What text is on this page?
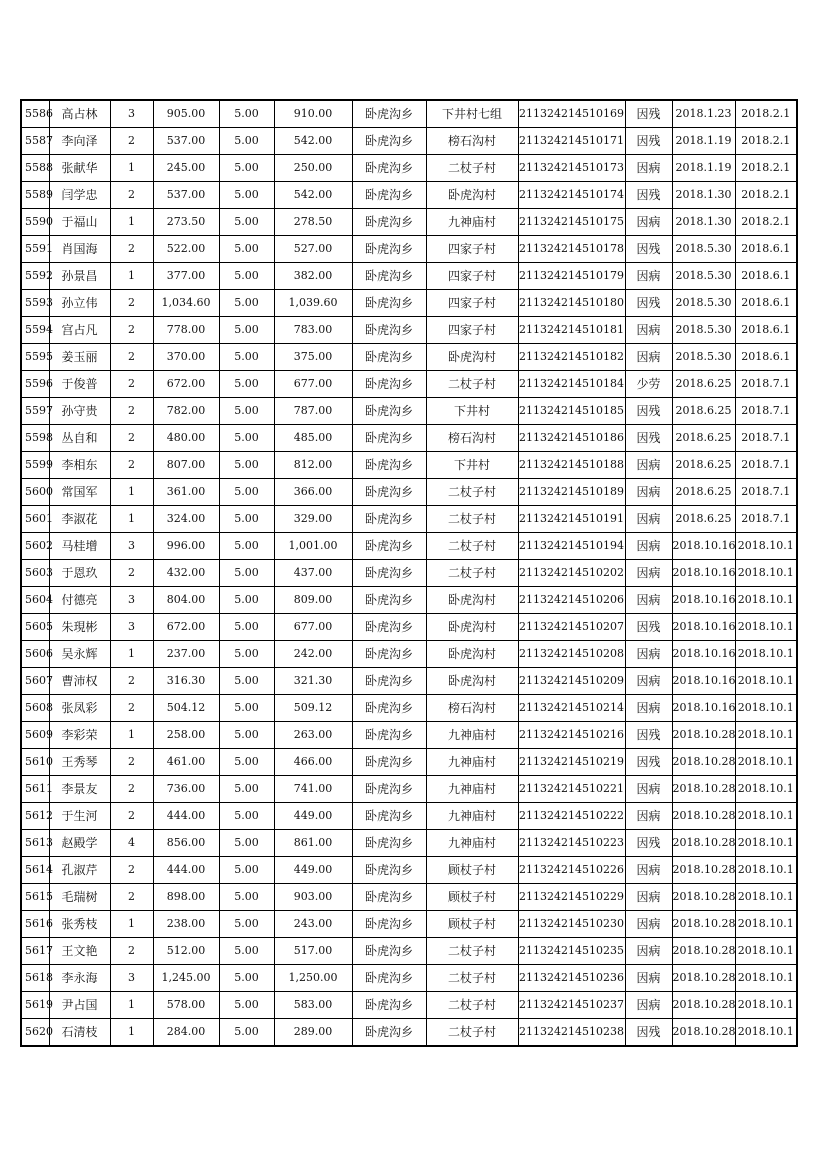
5586	高占林	3	905.00	5.00	910.00	卧虎沟乡	下井村七组	211324214510169	因残	2018.1.23	2018.2.1
5587	李向泽	2	537.00	5.00	542.00	卧虎沟乡	榜石沟村	211324214510171	因残	2018.1.19	2018.2.1
5588	张献华	1	245.00	5.00	250.00	卧虎沟乡	二杖子村	211324214510173	因病	2018.1.19	2018.2.1
5589	闫学忠	2	537.00	5.00	542.00	卧虎沟乡	卧虎沟村	211324214510174	因残	2018.1.30	2018.2.1
5590	于福山	1	273.50	5.00	278.50	卧虎沟乡	九神庙村	211324214510175	因病	2018.1.30	2018.2.1
5591	肖国海	2	522.00	5.00	527.00	卧虎沟乡	四家子村	211324214510178	因残	2018.5.30	2018.6.1
5592	孙景昌	1	377.00	5.00	382.00	卧虎沟乡	四家子村	211324214510179	因病	2018.5.30	2018.6.1
5593	孙立伟	2	1,034.60	5.00	1,039.60	卧虎沟乡	四家子村	211324214510180	因残	2018.5.30	2018.6.1
5594	宫占凡	2	778.00	5.00	783.00	卧虎沟乡	四家子村	211324214510181	因病	2018.5.30	2018.6.1
5595	姜玉丽	2	370.00	5.00	375.00	卧虎沟乡	卧虎沟村	211324214510182	因病	2018.5.30	2018.6.1
5596	于俊普	2	672.00	5.00	677.00	卧虎沟乡	二杖子村	211324214510184	少劳	2018.6.25	2018.7.1
5597	孙守贵	2	782.00	5.00	787.00	卧虎沟乡	下井村	211324214510185	因残	2018.6.25	2018.7.1
5598	丛自和	2	480.00	5.00	485.00	卧虎沟乡	榜石沟村	211324214510186	因残	2018.6.25	2018.7.1
5599	李相东	2	807.00	5.00	812.00	卧虎沟乡	下井村	211324214510188	因病	2018.6.25	2018.7.1
5600	常国军	1	361.00	5.00	366.00	卧虎沟乡	二杖子村	211324214510189	因病	2018.6.25	2018.7.1
5601	李淑花	1	324.00	5.00	329.00	卧虎沟乡	二杖子村	211324214510191	因病	2018.6.25	2018.7.1
5602	马桂增	3	996.00	5.00	1,001.00	卧虎沟乡	二杖子村	211324214510194	因病	2018.10.16	2018.10.1
5603	于恩玖	2	432.00	5.00	437.00	卧虎沟乡	二杖子村	211324214510202	因病	2018.10.16	2018.10.1
5604	付德亮	3	804.00	5.00	809.00	卧虎沟乡	卧虎沟村	211324214510206	因病	2018.10.16	2018.10.1
5605	朱現彬	3	672.00	5.00	677.00	卧虎沟乡	卧虎沟村	211324214510207	因残	2018.10.16	2018.10.1
5606	吴永辉	1	237.00	5.00	242.00	卧虎沟乡	卧虎沟村	211324214510208	因病	2018.10.16	2018.10.1
5607	曹沛权	2	316.30	5.00	321.30	卧虎沟乡	卧虎沟村	211324214510209	因病	2018.10.16	2018.10.1
5608	张凤彩	2	504.12	5.00	509.12	卧虎沟乡	榜石沟村	211324214510214	因病	2018.10.16	2018.10.1
5609	李彩荣	1	258.00	5.00	263.00	卧虎沟乡	九神庙村	211324214510216	因残	2018.10.28	2018.10.1
5610	王秀琴	2	461.00	5.00	466.00	卧虎沟乡	九神庙村	211324214510219	因残	2018.10.28	2018.10.1
5611	李景友	2	736.00	5.00	741.00	卧虎沟乡	九神庙村	211324214510221	因病	2018.10.28	2018.10.1
5612	于生河	2	444.00	5.00	449.00	卧虎沟乡	九神庙村	211324214510222	因病	2018.10.28	2018.10.1
5613	赵殿学	4	856.00	5.00	861.00	卧虎沟乡	九神庙村	211324214510223	因残	2018.10.28	2018.10.1
5614	孔淑芹	2	444.00	5.00	449.00	卧虎沟乡	顾杖子村	211324214510226	因病	2018.10.28	2018.10.1
5615	毛瑞树	2	898.00	5.00	903.00	卧虎沟乡	顾杖子村	211324214510229	因病	2018.10.28	2018.10.1
5616	张秀枝	1	238.00	5.00	243.00	卧虎沟乡	顾杖子村	211324214510230	因病	2018.10.28	2018.10.1
5617	王文艳	2	512.00	5.00	517.00	卧虎沟乡	二杖子村	211324214510235	因病	2018.10.28	2018.10.1
5618	李永海	3	1,245.00	5.00	1,250.00	卧虎沟乡	二杖子村	211324214510236	因病	2018.10.28	2018.10.1
5619	尹占国	1	578.00	5.00	583.00	卧虎沟乡	二杖子村	211324214510237	因病	2018.10.28	2018.10.1
5620	石清枝	1	284.00	5.00	289.00	卧虎沟乡	二杖子村	211324214510238	因残	2018.10.28	2018.10.1
